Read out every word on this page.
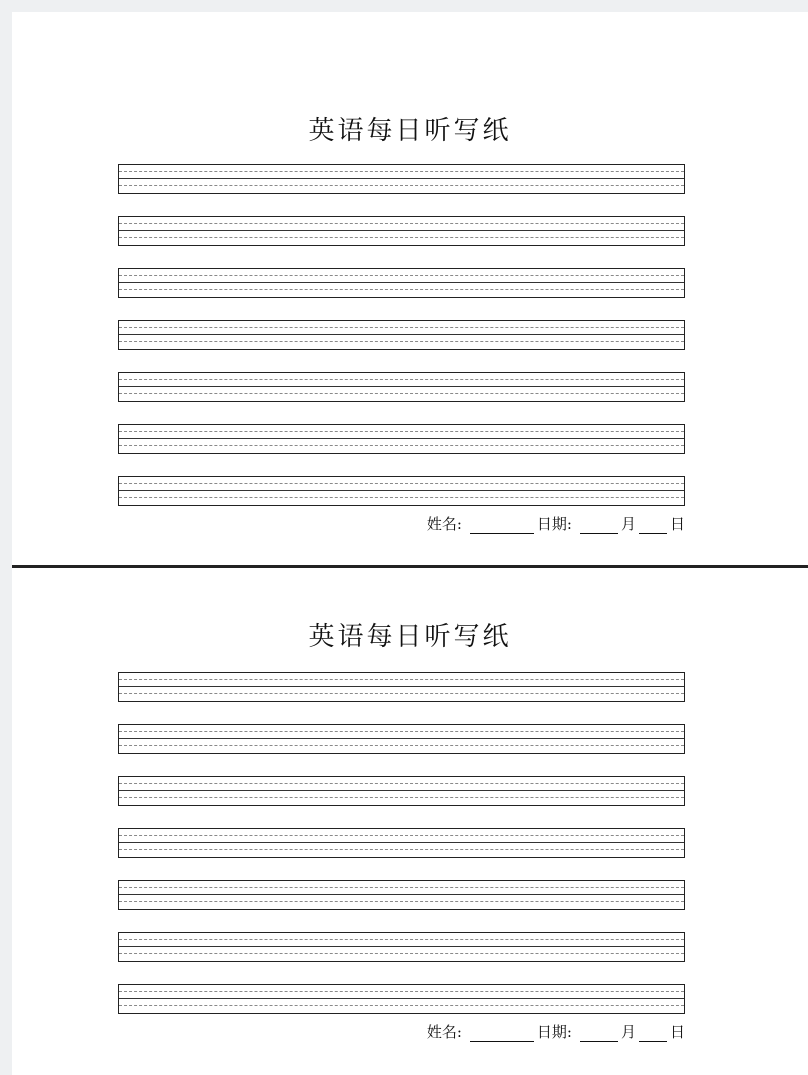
英语每日听写纸
姓名:	日期:	月 日
英语每日听写纸
姓名:	日期:	月 日
